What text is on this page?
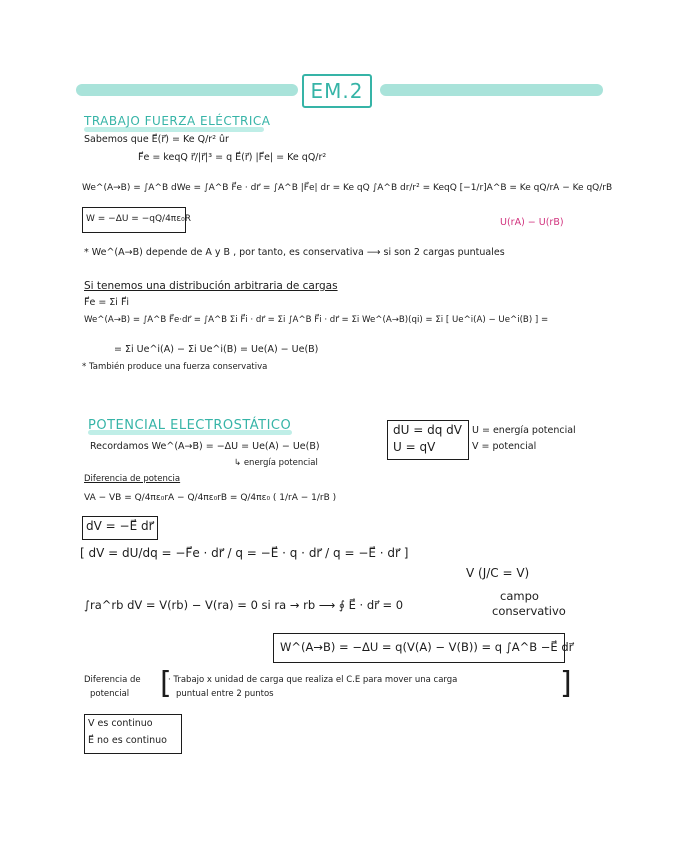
EM.2
TRABAJO FUERZA ELÉCTRICA
Sabemos que E⃗(r⃗) = Ke Q/r² ûr
F⃗e = keqQ r⃗/|r⃗|³ = q E⃗(r⃗) |F⃗e| = Ke qQ/r²
We^(A→B) = ∫A^B dWe = ∫A^B F⃗e · dr⃗ = ∫A^B |F⃗e| dr = Ke qQ ∫A^B dr/r² = KeqQ [−1/r]A^B = Ke qQ/rA − Ke qQ/rB
U(rA) − U(rB)
W = −ΔU = −qQ/4πε₀R
* We^(A→B) depende de A y B , por tanto, es conservativa ⟶ si son 2 cargas puntuales
Si tenemos una distribución arbitraria de cargas
F⃗e = Σi F⃗i
We^(A→B) = ∫A^B F⃗e·dr⃗ = ∫A^B Σi F⃗i · dr⃗ = Σi ∫A^B F⃗i · dr⃗ = Σi We^(A→B)(qi) = Σi [ Ue^i(A) − Ue^i(B) ] =
= Σi Ue^i(A) − Σi Ue^i(B) = Ue(A) − Ue(B)
* También produce una fuerza conservativa
POTENCIAL ELECTROSTÁTICO
Recordamos We^(A→B) = −ΔU = Ue(A) − Ue(B)
↳ energía potencial
dU = dq dV
U = qV
U = energía potencial
V = potencial
Diferencia de potencia
VA − VB = Q/4πε₀rA − Q/4πε₀rB = Q/4πε₀ ( 1/rA − 1/rB )
dV = −E⃗ dr⃗
[ dV = dU/dq = −F⃗e · dr⃗ / q = −E⃗ · q · dr⃗ / q = −E⃗ · dr⃗ ]
V (J/C = V)
∫ra^rb dV = V(rb) − V(ra) = 0 si ra → rb ⟶ ∮ E⃗ · dr⃗ = 0
campo
conservativo
W^(A→B) = −ΔU = q(V(A) − V(B)) = q ∫A^B −E⃗ dr⃗
Diferencia de
potencial
· Trabajo x unidad de carga que realiza el C.E para mover una carga
puntual entre 2 puntos
[	]
V es continuo
E⃗ no es continuo
